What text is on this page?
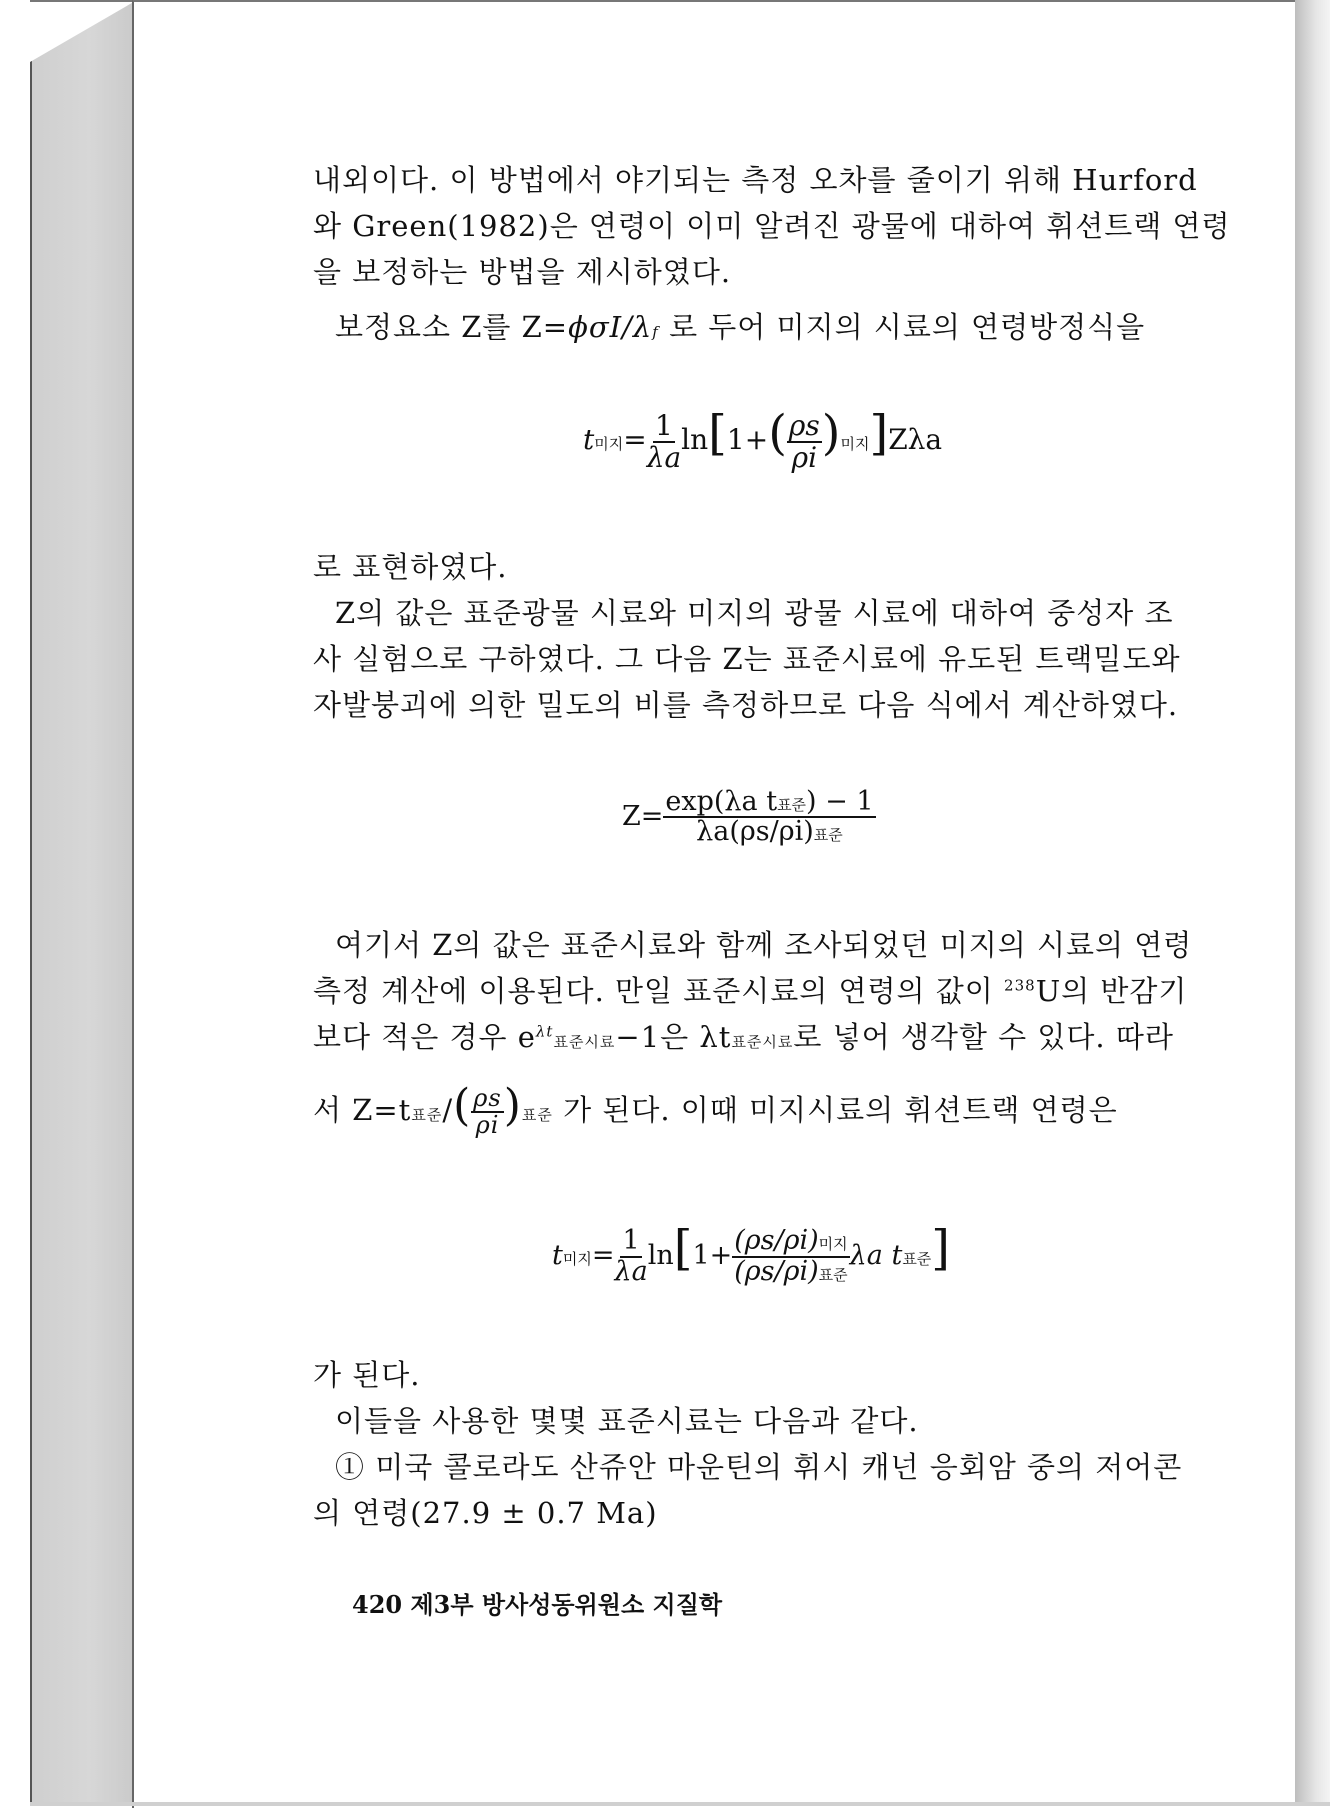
내외이다. 이 방법에서 야기되는 측정 오차를 줄이기 위해 Hurford
와 Green(1982)은 연령이 이미 알려진 광물에 대하여 휘션트랙 연령
을 보정하는 방법을 제시하였다.
보정요소 Z를 Z=ϕσI/λf 로 두어 미지의 시료의 연령방정식을
t미지= $\frac{1}{\lambda a} \ln[1+( \frac{\rho s}{\rho i}$ )미지]Zλa
로 표현하였다.
Z의 값은 표준광물 시료와 미지의 광물 시료에 대하여 중성자 조
사 실험으로 구하였다. 그 다음 Z는 표준시료에 유도된 트랙밀도와
자발붕괴에 의한 밀도의 비를 측정하므로 다음 식에서 계산하였다.
$Z= \frac{\text{exp(λa t표준) − 1}}{\text{λa(ρs/ρi)표준}}$
여기서 Z의 값은 표준시료와 함께 조사되었던 미지의 시료의 연령
측정 계산에 이용된다. 만일 표준시료의 연령의 값이 $^{238}$U의 반감기
보다 적은 경우 $e^{\lambda t}$표준시료−1은 λt표준시료로 넣어 생각할 수 있다. 따라
서 Z=t표준/( $\frac{\rho s}{\rho i}$ )표준 가 된다. 이때 미지시료의 휘션트랙 연령은
t미지= $\frac{1}{\lambda a} \ln[1+ \frac{\text{(ρs/ρi)미지}}{\text{(ρs/ρi)표준}}$ λa t표준]
가 된다.
이들을 사용한 몇몇 표준시료는 다음과 같다.
① 미국 콜로라도 산쥬안 마운틴의 휘시 캐넌 응회암 중의 저어콘
의 연령(27.9 ± 0.7 Ma)
420 제3부 방사성동위원소 지질학
